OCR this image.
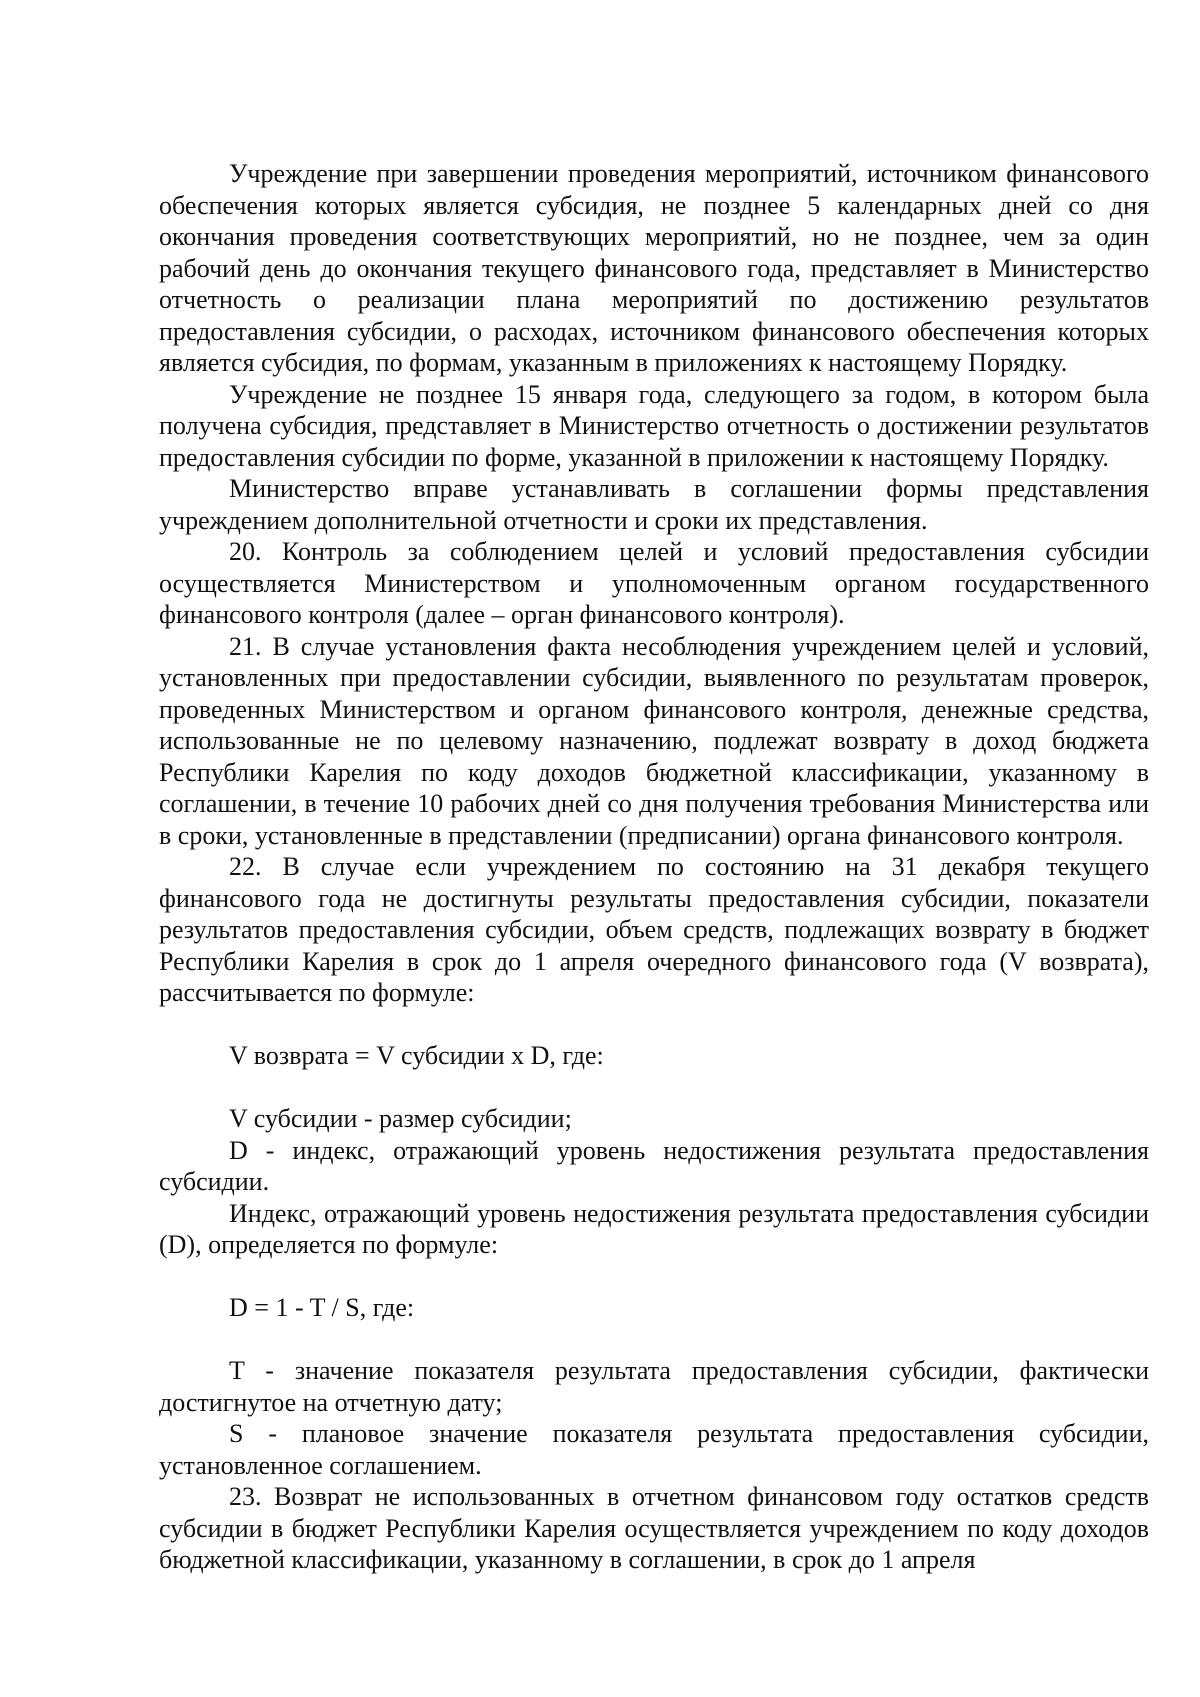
Учреждение при завершении проведения мероприятий, источником финансового обеспечения которых является субсидия, не позднее 5 календарных дней со дня окончания проведения соответствующих мероприятий, но не позднее, чем за один рабочий день до окончания текущего финансового года, представляет в Министерство отчетность о реализации плана мероприятий по достижению результатов предоставления субсидии, о расходах, источником финансового обеспечения которых является субсидия, по формам, указанным в приложениях к настоящему Порядку.

Учреждение не позднее 15 января года, следующего за годом, в котором была получена субсидия, представляет в Министерство отчетность о достижении результатов предоставления субсидии по форме, указанной в приложении к настоящему Порядку.

Министерство вправе устанавливать в соглашении формы представления учреждением дополнительной отчетности и сроки их представления.

20. Контроль за соблюдением целей и условий предоставления субсидии осуществляется Министерством и уполномоченным органом государственного финансового контроля (далее – орган финансового контроля).

21. В случае установления факта несоблюдения учреждением целей и условий, установленных при предоставлении субсидии, выявленного по результатам проверок, проведенных Министерством и органом финансового контроля, денежные средства, использованные не по целевому назначению, подлежат возврату в доход бюджета Республики Карелия по коду доходов бюджетной классификации, указанному в соглашении, в течение 10 рабочих дней со дня получения требования Министерства или в сроки, установленные в представлении (предписании) органа финансового контроля.

22. В случае если учреждением по состоянию на 31 декабря текущего финансового года не достигнуты результаты предоставления субсидии, показатели результатов предоставления субсидии, объем средств, подлежащих возврату в бюджет Республики Карелия в срок до 1 апреля очередного финансового года (V возврата), рассчитывается по формуле:

V возврата = V субсидии x D, где:

V субсидии - размер субсидии;

D - индекс, отражающий уровень недостижения результата предоставления субсидии.

Индекс, отражающий уровень недостижения результата предоставления субсидии (D), определяется по формуле:

D = 1 - T / S, где:

T - значение показателя результата предоставления субсидии, фактически достигнутое на отчетную дату;

S - плановое значение показателя результата предоставления субсидии, установленное соглашением.

23. Возврат не использованных в отчетном финансовом году остатков средств субсидии в бюджет Республики Карелия осуществляется учреждением по коду доходов бюджетной классификации, указанному в соглашении, в срок до 1 апреля
